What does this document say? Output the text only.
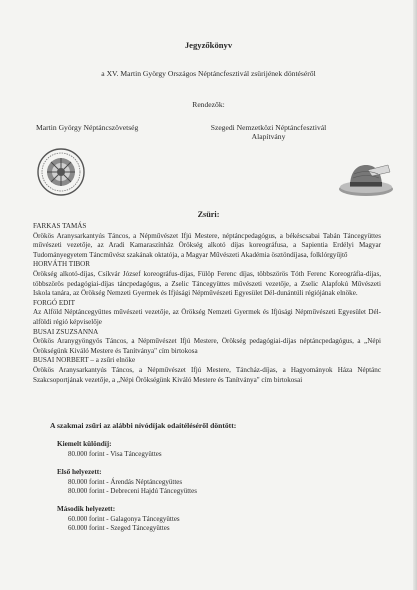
Jegyzőkönyv
a XV. Martin György Országos Néptáncfesztivál zsürijének döntéséről
Rendezők:
Martin György Néptáncszövetség	Szegedi Nemzetközi Néptáncfesztivál Alapítvány
Zsüri:

FARKAS TAMÁS

Örökös Aranysarkantyús Táncos, a Népművészet Ifjú Mestere, néptáncpedagógus, a békéscsabai Tabán Táncegyüttes művészeti vezetője, az Aradi Kamaraszínház Örökség alkotó díjas koreográfusa, a Sapientia Erdélyi Magyar Tudományegyetem Táncművész szakának oktatója, a Magyar Művészeti Akadémia ösztöndíjasa, folklórgyűjtő

HORVÁTH TIBOR

Örökség alkotó-díjas, Csíkvár József koreográfus-díjas, Fülöp Ferenc díjas, többszörös Tóth Ferenc Koreográfia-díjas, többszörös pedagógiai-díjas táncpedagógus, a Zselic Táncegyüttes művészeti vezetője, a Zselic Alapfokú Művészeti Iskola tanára, az Örökség Nemzeti Gyermek és Ifjúsági Népművészeti Egyesület Dél-dunántúli régiójának elnöke.

FORGÓ EDIT

Az Alföld Néptáncegyüttes művészeti vezetője, az Örökség Nemzeti Gyermek és Ifjúsági Népművészeti Egyesület Dél-alföldi régió képviselője

BUSAI ZSUZSANNA

Örökös Aranygyöngyös Táncos, a Népművészet Ifjú Mestere, Örökség pedagógiai-díjas néptáncpedagógus, a „Népi Örökségünk Kiváló Mestere és Tanítványa" cím birtokosa

BUSAI NORBERT – a zsűri elnöke

Örökös Aranysarkantyús Táncos, a Népművészet Ifjú Mestere, Táncház-díjas, a Hagyományok Háza Néptánc Szakcsoportjának vezetője, a „Népi Örökségünk Kiváló Mestere és Tanítványa" cím birtokosai

A szakmai zsűri az alábbi nívódíjak odaítéléséről döntött:
Kiemelt különdíj:
80.000 forint - Visa Táncegyüttes
Első helyezett:
80.000 forint - Árendás Néptáncegyüttes
80.000 forint - Debreceni Hajdú Táncegyüttes
Második helyezett:
60.000 forint - Galagonya Táncegyüttes
60.000 forint - Szeged Táncegyüttes
